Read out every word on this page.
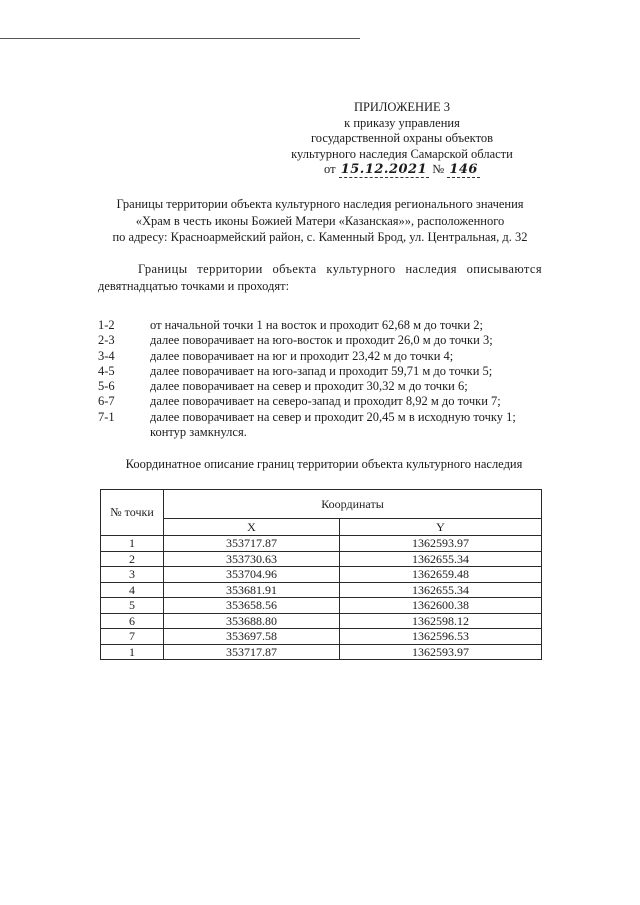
ПРИЛОЖЕНИЕ 3
к приказу управления
государственной охраны объектов
культурного наследия Самарской области
от 15.12.2021 № 146
Границы территории объекта культурного наследия регионального значения
«Храм в честь иконы Божией Матери «Казанская»», расположенного
по адресу: Красноармейский район, с. Каменный Брод, ул. Центральная, д. 32
Границы территории объекта культурного наследия описываются
девятнадцатью точками и проходят:
1-2	от начальной точки 1 на восток и проходит 62,68 м до точки 2;
2-3	далее поворачивает на юго-восток и проходит 26,0 м до точки 3;
3-4	далее поворачивает на юг и проходит 23,42 м до точки 4;
4-5	далее поворачивает на юго-запад и проходит 59,71 м до точки 5;
5-6	далее поворачивает на север и проходит 30,32 м до точки 6;
6-7	далее поворачивает на северо-запад и проходит 8,92 м до точки 7;
7-1	далее поворачивает на север и проходит 20,45 м в исходную точку 1;
контур замкнулся.
Координатное описание границ территории объекта культурного наследия
№ точки	Координаты	
	X	Y
1	353717.87	1362593.97
2	353730.63	1362655.34
3	353704.96	1362659.48
4	353681.91	1362655.34
5	353658.56	1362600.38
6	353688.80	1362598.12
7	353697.58	1362596.53
1	353717.87	1362593.97
